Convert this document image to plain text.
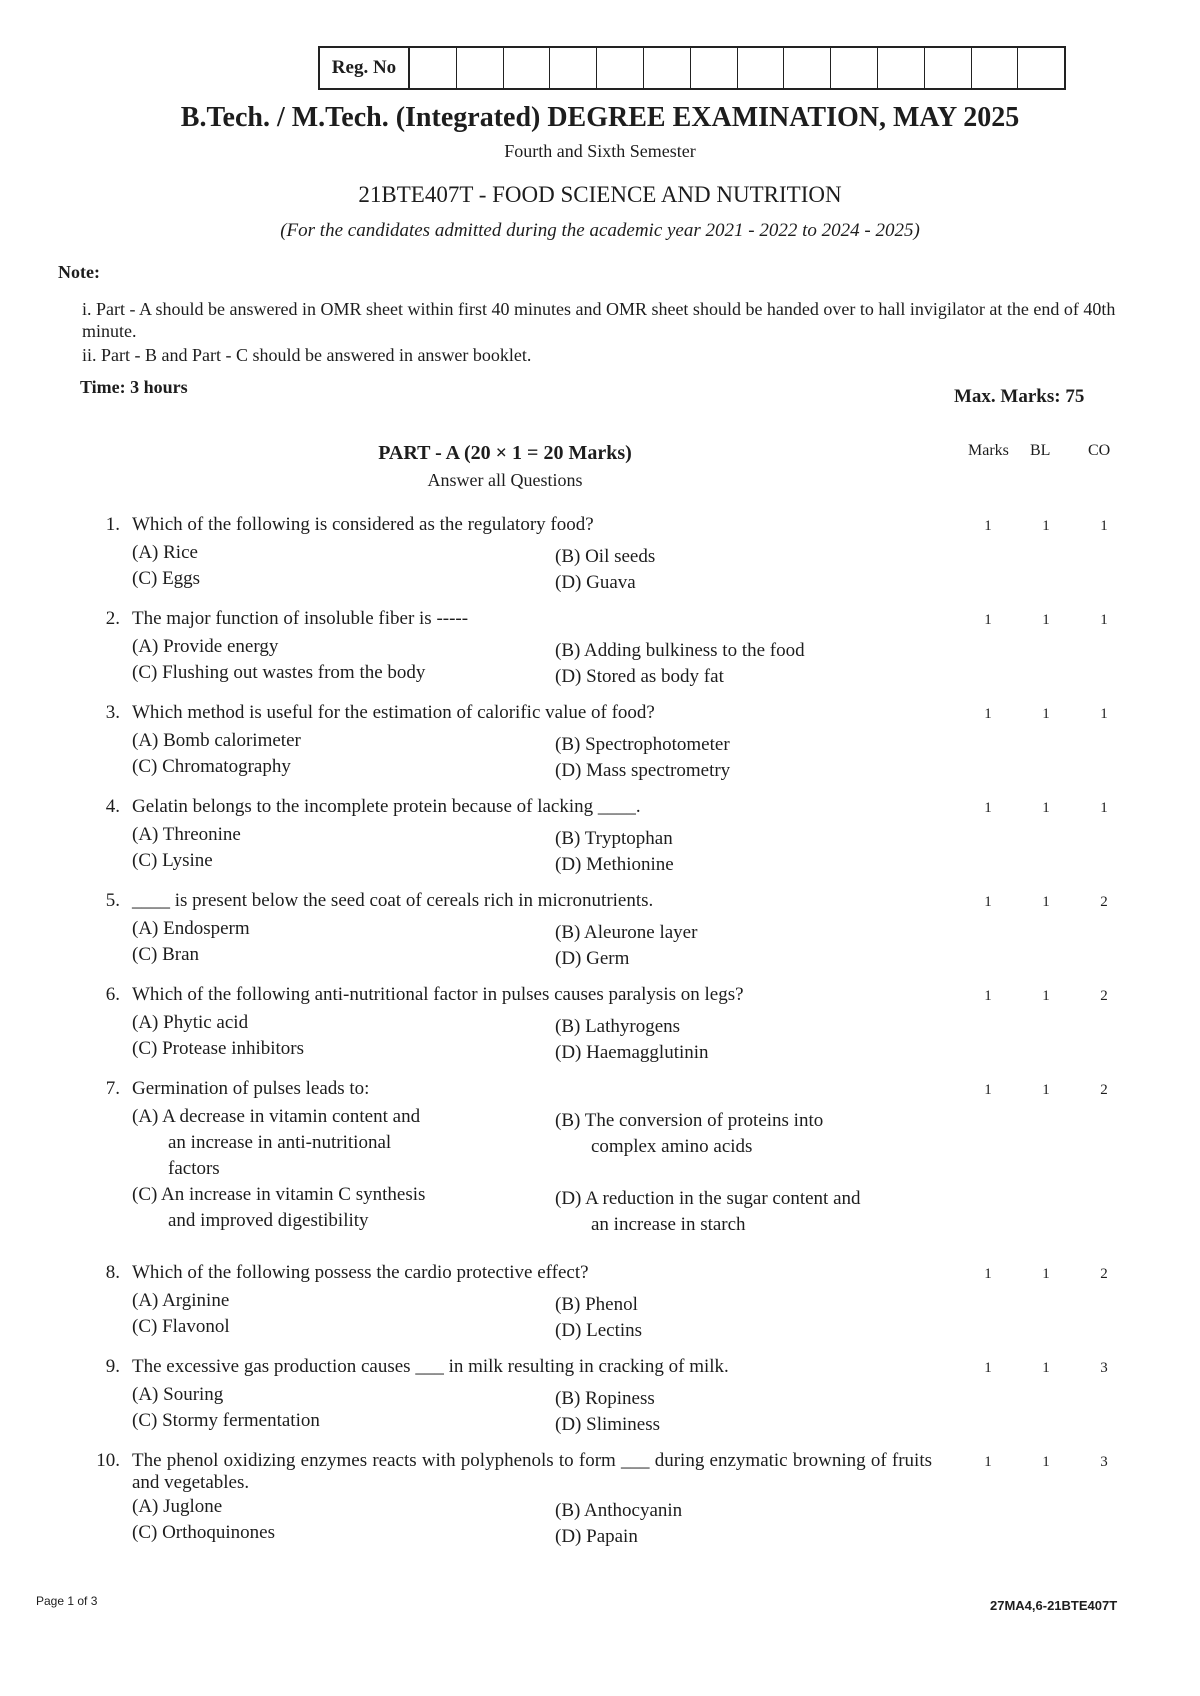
Reg. No
B.Tech. / M.Tech. (Integrated) DEGREE EXAMINATION, MAY 2025
Fourth and Sixth Semester
21BTE407T - FOOD SCIENCE AND NUTRITION
(For the candidates admitted during the academic year 2021 - 2022 to 2024 - 2025)
Note:
i. Part - A should be answered in OMR sheet within first 40 minutes and OMR sheet should be handed over to hall invigilator at the end of 40th minute.
ii. Part - B and Part - C should be answered in answer booklet.
Time: 3 hours	Max. Marks: 75
PART - A (20 × 1 = 20 Marks)
Answer all Questions
Marks BL CO
1. Which of the following is considered as the regulatory food?
(A) Rice	(B) Oil seeds
(C) Eggs	(D) Guava
1	1	1
2. The major function of insoluble fiber is -----
(A) Provide energy	(B) Adding bulkiness to the food
(C) Flushing out wastes from the body	(D) Stored as body fat
1	1	1
3. Which method is useful for the estimation of calorific value of food?
(A) Bomb calorimeter	(B) Spectrophotometer
(C) Chromatography	(D) Mass spectrometry
1	1	1
4. Gelatin belongs to the incomplete protein because of lacking ____.
(A) Threonine	(B) Tryptophan
(C) Lysine	(D) Methionine
1	1	1
5. ____ is present below the seed coat of cereals rich in micronutrients.
(A) Endosperm	(B) Aleurone layer
(C) Bran	(D) Germ
1	1	2
6. Which of the following anti-nutritional factor in pulses causes paralysis on legs?
(A) Phytic acid	(B) Lathyrogens
(C) Protease inhibitors	(D) Haemagglutinin
1	1	2
7. Germination of pulses leads to:
(A) A decrease in vitamin content and
an increase in anti-nutritional
factors
(B) The conversion of proteins into
complex amino acids
(C) An increase in vitamin C synthesis
and improved digestibility
(D) A reduction in the sugar content and
an increase in starch
1	1	2
8. Which of the following possess the cardio protective effect?
(A) Arginine	(B) Phenol
(C) Flavonol	(D) Lectins
1	1	2
9. The excessive gas production causes ___ in milk resulting in cracking of milk.
(A) Souring	(B) Ropiness
(C) Stormy fermentation	(D) Sliminess
1	1	3
10. The phenol oxidizing enzymes reacts with polyphenols to form ___ during enzymatic browning of fruits and vegetables.
(A) Juglone	(B) Anthocyanin
(C) Orthoquinones	(D) Papain
1	1	3
Page 1 of 3	27MA4,6-21BTE407T
